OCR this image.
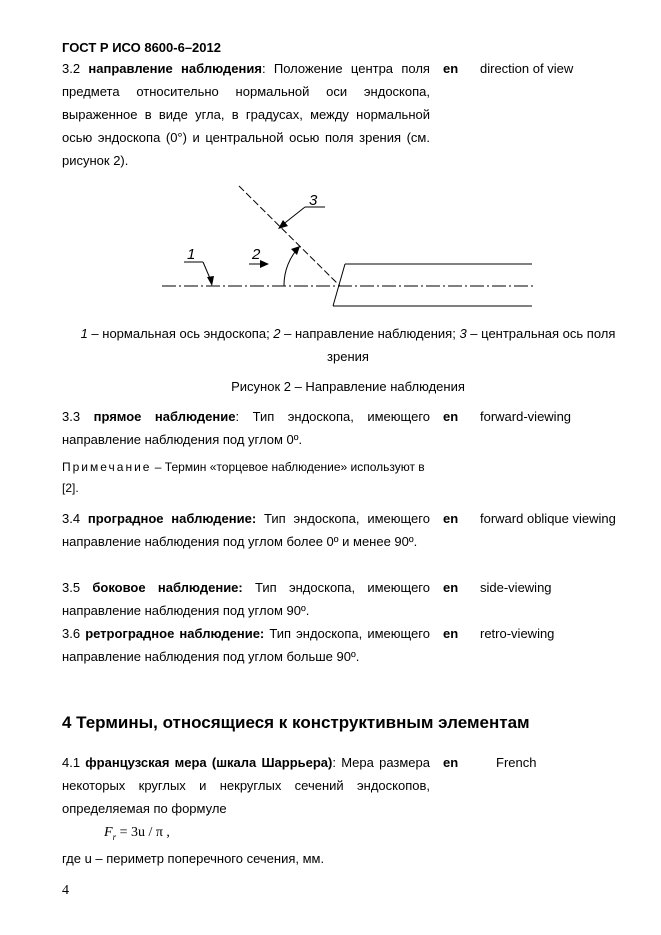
ГОСТ Р ИСО 8600-6–2012

3.2 направление наблюдения: Положение центра поля предмета относительно нормальной оси эндоскопа, выраженное в виде угла, в градусах, между нормальной осью эндоскопа (0°) и центральной осью поля зрения (см. рисунок 2).

en direction of view
1	2
3
1 – нормальная ось эндоскопа; 2 – направление наблюдения; 3 – центральная ось поля зрения
Рисунок 2 – Направление наблюдения

3.3 прямое наблюдение: Тип эндоскопа, имеющего направление наблюдения под углом 0º.

en forward-viewing
Примечание – Термин «торцевое наблюдение» используют в [2].

3.4 проградное наблюдение: Тип эндоскопа, имеющего направление наблюдения под углом более 0º и менее 90º.

en forward oblique viewing

3.5 боковое наблюдение: Тип эндоскопа, имеющего направление наблюдения под углом 90º.

en side-viewing

3.6 ретроградное наблюдение: Тип эндоскопа, имеющего направление наблюдения под углом больше 90º.

en retro-viewing
4 Термины, относящиеся к конструктивным элементам

4.1 французская мера (шкала Шаррьера): Мера размера некоторых круглых и некруглых сечений эндоскопов, определяемая по формуле

en	French
$F_r = 3u / \pi$ ,
где u – периметр поперечного сечения, мм.
4
